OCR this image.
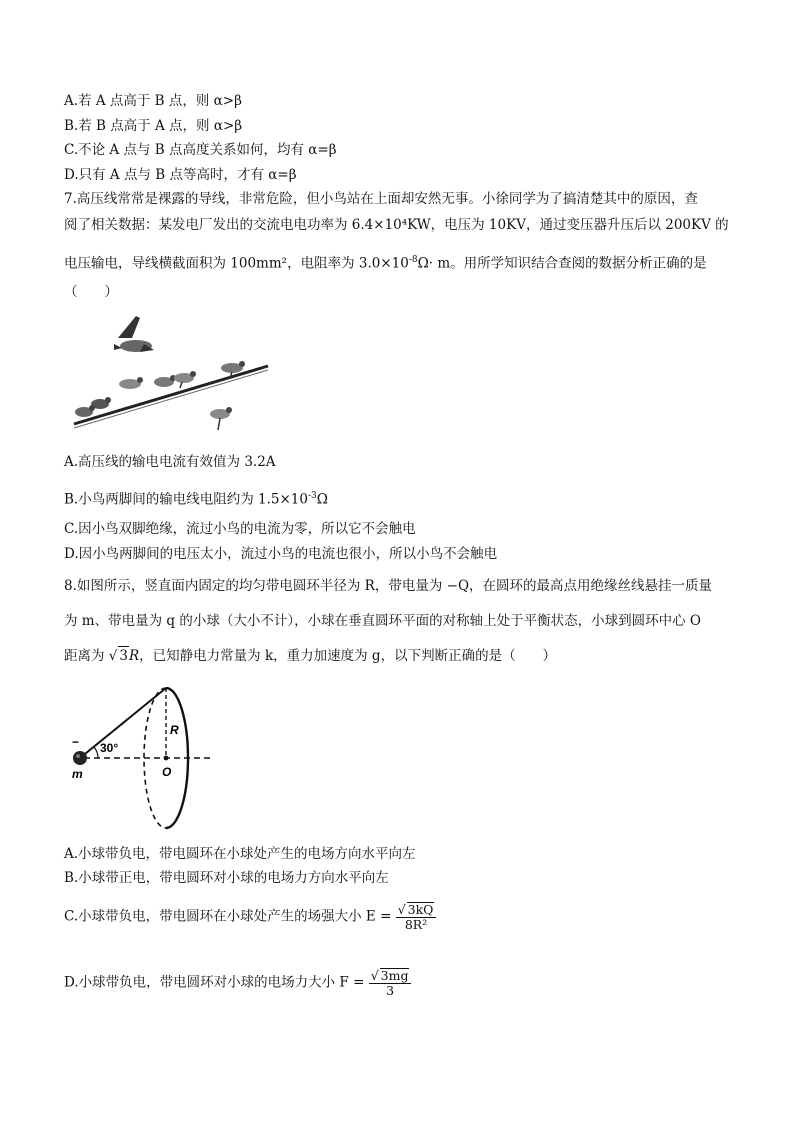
A.若 A 点高于 B 点，则 α>β
B.若 B 点高于 A 点，则 α>β
C.不论 A 点与 B 点高度关系如何，均有 α=β
D.只有 A 点与 B 点等高时，才有 α=β
7.高压线常常是裸露的导线，非常危险，但小鸟站在上面却安然无事。小徐同学为了搞清楚其中的原因，查
阅了相关数据：某发电厂发出的交流电电功率为 6.4×10⁴KW，电压为 10KV，通过变压器升压后以 200KV 的
电压输电，导线横截面积为 100mm²，电阻率为 $3.0\times 10^{-8}\Omega\cdot m$。用所学知识结合查阅的数据分析正确的是
（　　）
A.高压线的输电电流有效值为 3.2A
B.小鸟两脚间的输电线电阻约为 $1.5\times 10^{-3}\Omega$
C.因小鸟双脚绝缘，流过小鸟的电流为零，所以它不会触电
D.因小鸟两脚间的电压太小，流过小鸟的电流也很小，所以小鸟不会触电
8.如图所示，竖直面内固定的均匀带电圆环半径为 R，带电量为 −Q，在圆环的最高点用绝缘丝线悬挂一质量
为 m、带电量为 q 的小球（大小不计），小球在垂直圆环平面的对称轴上处于平衡状态，小球到圆环中心 O
距离为 √ 3R，已知静电力常量为 k，重力加速度为 g，以下判断正确的是（　　）
30°
R
O
m
−
A.小球带负电，带电圆环在小球处产生的电场方向水平向左
B.小球带正电，带电圆环对小球的电场力方向水平向左
C.小球带负电，带电圆环在小球处产生的场强大小 $E = \frac{√ 3kQ}{\text{8R²}}$
D.小球带负电，带电圆环对小球的电场力大小 $F = \frac{√ 3mg}{3}$
